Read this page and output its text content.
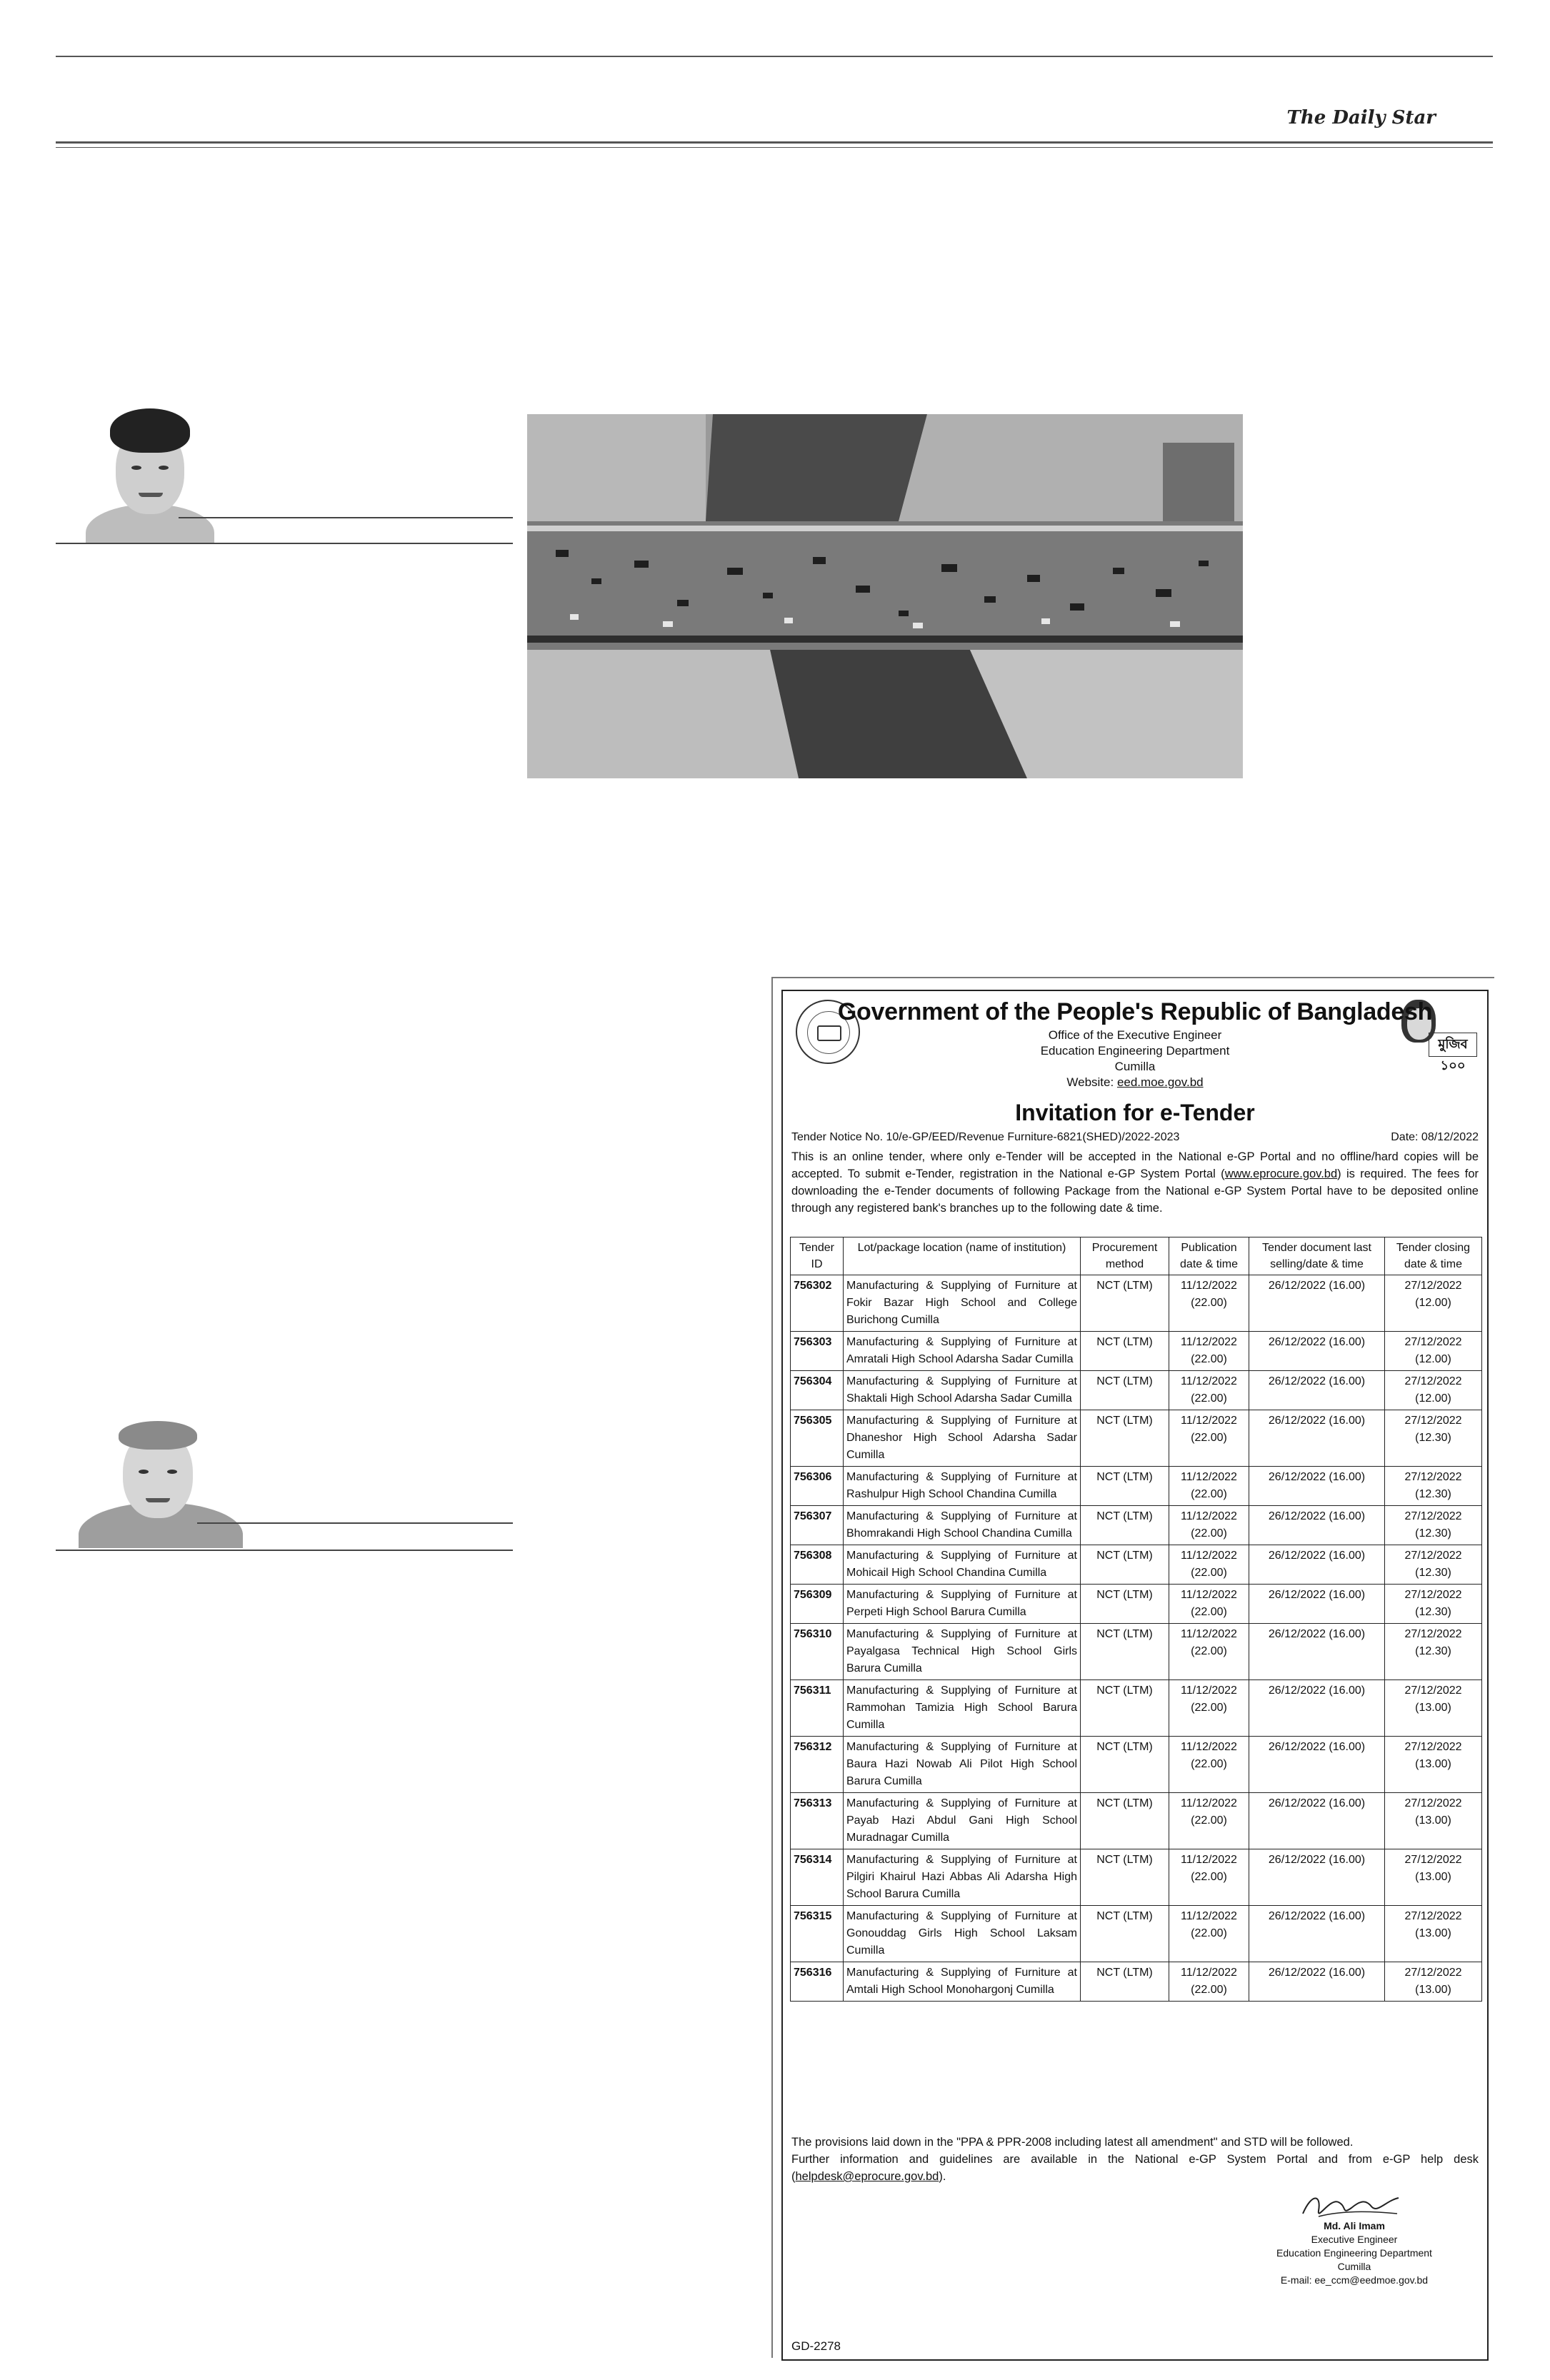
The Daily Star
মুজিব ১০০
Government of the People's Republic of Bangladesh
Office of the Executive Engineer
Education Engineering Department
Cumilla
Website: eed.moe.gov.bd
Invitation for e-Tender
Tender Notice No. 10/e-GP/EED/Revenue Furniture-6821(SHED)/2022-2023	Date: 08/12/2022
This is an online tender, where only e-Tender will be accepted in the National e-GP Portal and no offline/hard copies will be accepted. To submit e-Tender, registration in the National e-GP System Portal (www.eprocure.gov.bd) is required. The fees for downloading the e-Tender documents of following Package from the National e-GP System Portal have to be deposited online through any registered bank's branches up to the following date & time.
Tender ID	Lot/package location (name of institution)	Procurement method	Publication date & time	Tender document last selling/date & time	Tender closing date & time
756302	Manufacturing & Supplying of Furniture at Fokir Bazar High School and College Burichong Cumilla	NCT (LTM)	11/12/2022 (22.00)	26/12/2022 (16.00)	27/12/2022 (12.00)
756303	Manufacturing & Supplying of Furniture at Amratali High School Adarsha Sadar Cumilla	NCT (LTM)	11/12/2022 (22.00)	26/12/2022 (16.00)	27/12/2022 (12.00)
756304	Manufacturing & Supplying of Furniture at Shaktali High School Adarsha Sadar Cumilla	NCT (LTM)	11/12/2022 (22.00)	26/12/2022 (16.00)	27/12/2022 (12.00)
756305	Manufacturing & Supplying of Furniture at Dhaneshor High School Adarsha Sadar Cumilla	NCT (LTM)	11/12/2022 (22.00)	26/12/2022 (16.00)	27/12/2022 (12.30)
756306	Manufacturing & Supplying of Furniture at Rashulpur High School Chandina Cumilla	NCT (LTM)	11/12/2022 (22.00)	26/12/2022 (16.00)	27/12/2022 (12.30)
756307	Manufacturing & Supplying of Furniture at Bhomrakandi High School Chandina Cumilla	NCT (LTM)	11/12/2022 (22.00)	26/12/2022 (16.00)	27/12/2022 (12.30)
756308	Manufacturing & Supplying of Furniture at Mohicail High School Chandina Cumilla	NCT (LTM)	11/12/2022 (22.00)	26/12/2022 (16.00)	27/12/2022 (12.30)
756309	Manufacturing & Supplying of Furniture at Perpeti High School Barura Cumilla	NCT (LTM)	11/12/2022 (22.00)	26/12/2022 (16.00)	27/12/2022 (12.30)
756310	Manufacturing & Supplying of Furniture at Payalgasa Technical High School Girls Barura Cumilla	NCT (LTM)	11/12/2022 (22.00)	26/12/2022 (16.00)	27/12/2022 (12.30)
756311	Manufacturing & Supplying of Furniture at Rammohan Tamizia High School Barura Cumilla	NCT (LTM)	11/12/2022 (22.00)	26/12/2022 (16.00)	27/12/2022 (13.00)
756312	Manufacturing & Supplying of Furniture at Baura Hazi Nowab Ali Pilot High School Barura Cumilla	NCT (LTM)	11/12/2022 (22.00)	26/12/2022 (16.00)	27/12/2022 (13.00)
756313	Manufacturing & Supplying of Furniture at Payab Hazi Abdul Gani High School Muradnagar Cumilla	NCT (LTM)	11/12/2022 (22.00)	26/12/2022 (16.00)	27/12/2022 (13.00)
756314	Manufacturing & Supplying of Furniture at Pilgiri Khairul Hazi Abbas Ali Adarsha High School Barura Cumilla	NCT (LTM)	11/12/2022 (22.00)	26/12/2022 (16.00)	27/12/2022 (13.00)
756315	Manufacturing & Supplying of Furniture at Gonouddag Girls High School Laksam Cumilla	NCT (LTM)	11/12/2022 (22.00)	26/12/2022 (16.00)	27/12/2022 (13.00)
756316	Manufacturing & Supplying of Furniture at Amtali High School Monohargonj Cumilla	NCT (LTM)	11/12/2022 (22.00)	26/12/2022 (16.00)	27/12/2022 (13.00)
The provisions laid down in the "PPA & PPR-2008 including latest all amendment" and STD will be followed.
Further information and guidelines are available in the National e-GP System Portal and from e-GP help desk (helpdesk@eprocure.gov.bd).
Md. Ali Imam
Executive Engineer
Education Engineering Department
Cumilla
E-mail: ee_ccm@eedmoe.gov.bd
GD-2278
